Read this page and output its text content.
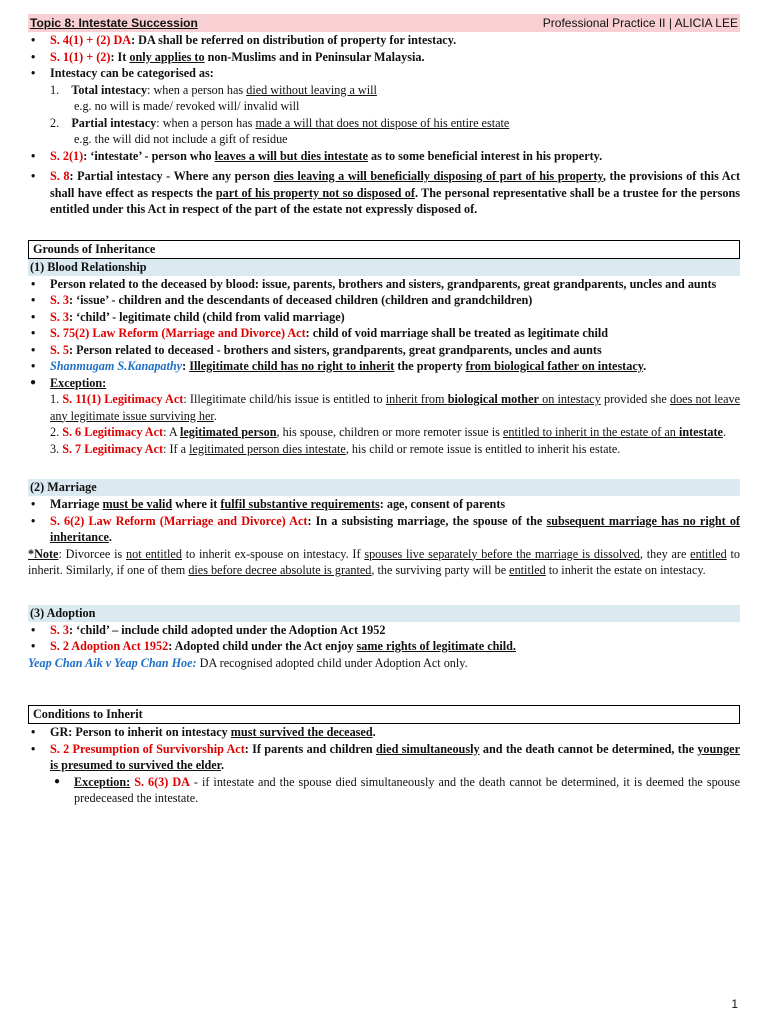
Topic 8: Intestate Succession	Professional Practice II | ALICIA LEE
• S. 4(1) + (2) DA: DA shall be referred on distribution of property for intestacy.
• S. 1(1) + (2): It only applies to non-Muslims and in Peninsular Malaysia.
• Intestacy can be categorised as:
1. Total intestacy: when a person has died without leaving a will
e.g. no will is made/ revoked will/ invalid will
2. Partial intestacy: when a person has made a will that does not dispose of his entire estate
e.g. the will did not include a gift of residue
• S. 2(1): ‘intestate’ - person who leaves a will but dies intestate as to some beneficial interest in his property.
• S. 8: Partial intestacy - Where any person dies leaving a will beneficially disposing of part of his property, the provisions of this Act shall have effect as respects the part of his property not so disposed of. The personal representative shall be a trustee for the persons entitled under this Act in respect of the part of the estate not expressly disposed of.
Grounds of Inheritance
(1) Blood Relationship
• Person related to the deceased by blood: issue, parents, brothers and sisters, grandparents, great grandparents, uncles and aunts
• S. 3: ‘issue’ - children and the descendants of deceased children (children and grandchildren)
• S. 3: ‘child’ - legitimate child (child from valid marriage)
• S. 75(2) Law Reform (Marriage and Divorce) Act: child of void marriage shall be treated as legitimate child
• S. 5: Person related to deceased - brothers and sisters, grandparents, great grandparents, uncles and aunts
• Shanmugam S.Kanapathy: Illegitimate child has no right to inherit the property from biological father on intestacy.
● Exception:
1. S. 11(1) Legitimacy Act: Illegitimate child/his issue is entitled to inherit from biological mother on intestacy provided she does not leave any legitimate issue surviving her.
2. S. 6 Legitimacy Act: A legitimated person, his spouse, children or more remoter issue is entitled to inherit in the estate of an intestate.
3. S. 7 Legitimacy Act: If a legitimated person dies intestate, his child or remote issue is entitled to inherit his estate.
(2) Marriage
• Marriage must be valid where it fulfil substantive requirements: age, consent of parents
• S. 6(2) Law Reform (Marriage and Divorce) Act: In a subsisting marriage, the spouse of the subsequent marriage has no right of inheritance.
*Note: Divorcee is not entitled to inherit ex-spouse on intestacy. If spouses live separately before the marriage is dissolved, they are entitled to inherit. Similarly, if one of them dies before decree absolute is granted, the surviving party will be entitled to inherit the estate on intestacy.
(3) Adoption
• S. 3: ‘child’ – include child adopted under the Adoption Act 1952
• S. 2 Adoption Act 1952: Adopted child under the Act enjoy same rights of legitimate child.
Yeap Chan Aik v Yeap Chan Hoe: DA recognised adopted child under Adoption Act only.
Conditions to Inherit
• GR: Person to inherit on intestacy must survived the deceased.
• S. 2 Presumption of Survivorship Act: If parents and children died simultaneously and the death cannot be determined, the younger is presumed to survived the elder.
● Exception: S. 6(3) DA - if intestate and the spouse died simultaneously and the death cannot be determined, it is deemed the spouse predeceased the intestate.
1
